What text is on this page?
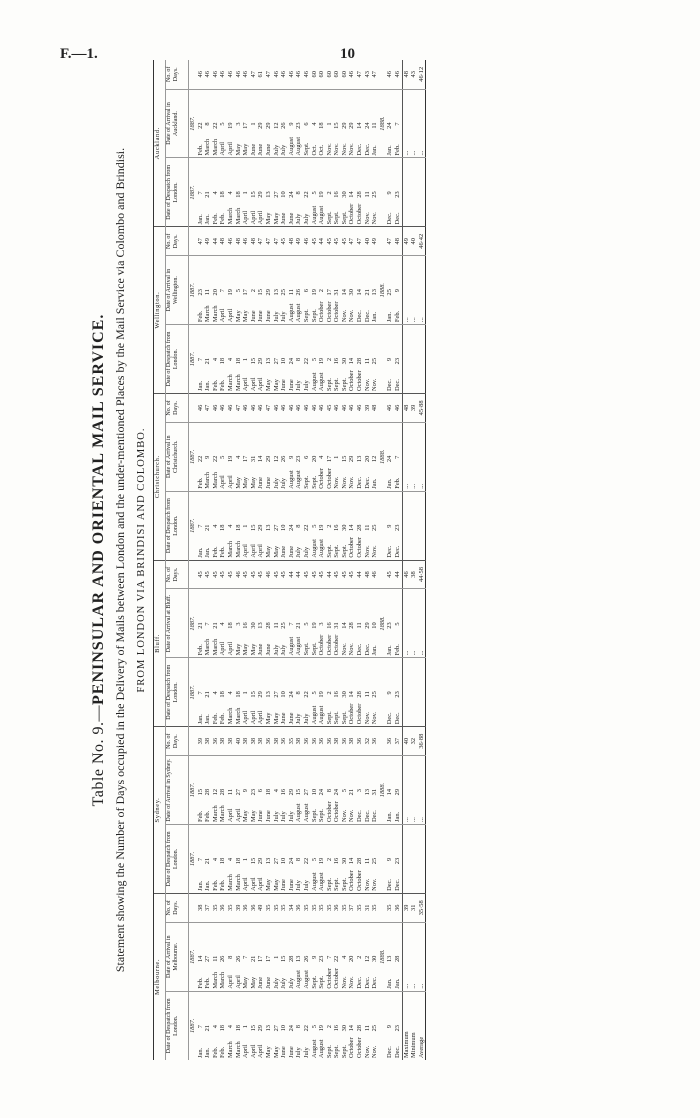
F.—1.	10
Table No. 9.—PENINSULAR AND ORIENTAL MAIL SERVICE. Statement showing the Number of Days occupied in the Delivery of Mails between London and the under-mentioned Places by the Mail Service via Colombo and Brindisi. FROM LONDON VIA BRINDISI AND COLOMBO.
Melbourne.			Sydney.			Bluff.			Christchurch.			Wellington.			Auckland.		
Date of Despatch from London.	Date of Arrival in Melbourne.	No. of Days.	Date of Despatch from London.	Date of Arrival in Sydney.	No. of Days.	Date of Despatch from London.	Date of Arrival at Bluff.	No. of Days.	Date of Despatch from London.	Date of Arrival in Christchurch.	No. of Days.	Date of Despatch from London.	Date of Arrival in Wellington.	No. of Days.	Date of Despatch from London.	Date of Arrival in Auckland.	No. of Days.
1887.	1887.		1887.	1887.		1887.	1887.		1887.	1887.		1887.	1887.		1887.	1887.	
Jan.7	Feb.14	38	Jan.7	Feb.15	39	Jan.7	Feb.21	45	Jan.7	Feb.22	46	Jan.7	Feb.23	47	Jan.7	Feb.22	46
Jan.21	Feb.27	37	Jan.21	Feb.28	38	Jan.21	March7	45	Jan.21	March9	47	Jan.21	March11	49	Jan.21	March8	46
Feb.4	March11	35	Feb.4	March12	36	Feb.4	March21	45	Feb.4	March22	46	Feb.4	March20	44	Feb.4	March22	46
Feb.18	March26	36	Feb.18	March28	38	Feb.18	April4	45	Feb.18	April5	46	Feb.18	April7	48	Feb.18	April5	46
March4	April8	35	March4	April11	38	March4	April18	45	March4	April19	46	March4	April19	46	March4	April19	46
March18	April26	39	March18	April27	40	March18	May3	46	March18	May4	47	March18	May5	48	March18	May3	46
April1	May7	36	April1	May9	38	April1	May16	45	April1	May17	46	April1	May17	46	April1	May17	46
April15	May21	36	April15	May23	38	April15	May30	45	April15	May31	46	April15	June2	48	April15	June1	47
April29	June17	49	April29	June6	38	April29	June13	45	April29	June14	46	April29	June15	47	April29	June29	61
May13	June17	35	May13	June18	36	May13	June28	46	May13	June29	47	May13	June29	47	May13	June29	47
May27	July1	35	May27	July4	38	May27	July11	45	May27	July12	46	May27	July13	47	May27	July12	46
June10	July15	35	June10	July16	36	June10	July25	45	June10	July26	46	June10	July25	45	June10	July26	46
June24	July28	34	June24	July29	35	June24	August7	44	June24	August9	46	June24	August11	48	June24	August9	46
July8	August13	36	July8	August15	38	July8	August21	44	July8	August23	46	July8	August26	49	July8	August23	46
July22	August26	35	July22	August27	36	July22	Sept.5	45	July22	Sept.6	46	July22	Sept.6	46	July22	Sept.6	46
August5	Sept.9	35	August5	Sept.10	36	August5	Sept.19	45	August5	Sept.20	46	August5	Sept.19	45	August5	Oct.4	60
August19	Sept.23	35	August19	Sept.24	36	August19	October3	45	August19	October4	46	August19	October2	44	August19	Oct.18	60
Sept.2	October7	35	Sept.2	October8	36	Sept.2	October16	44	Sept.2	October17	45	Sept.2	October17	45	Sept.2	Nov.1	60
Sept.16	October22	36	Sept.16	October24	38	Sept.16	October31	45	Sept.16	Nov.1	46	Sept.16	October31	45	Sept.16	Nov.15	60
Sept.30	Nov.4	35	Sept.30	Nov.5	36	Sept.30	Nov.14	45	Sept.30	Nov.15	46	Sept.30	Nov.14	45	Sept.30	Nov.29	60
October14	Nov.20	37	October14	Nov.21	38	October14	Nov.28	45	October14	Nov.29	46	October14	Nov.30	47	October14	Nov.29	46
October28	Dec.2	35	October28	Dec.3	36	October28	Dec.11	44	October28	Dec.13	46	October28	Dec.14	47	October28	Dec.14	47
Nov.11	Dec.12	31	Nov.11	Dec.13	32	Nov.11	Dec.29	48	Nov.11	Dec.20	39	Nov.11	Dec.21	40	Nov.11	Dec.24	43
Nov.25	Dec.30	35	Nov.25	Dec.31	36	Nov.25	Jan.10	46	Nov.25	Jan.12	48	Nov.25	Jan.13	49	Nov.25	Jan.11	47
	1888.			1888.			1888.			1888.			1888.			1888.	
Dec.9	Jan.13	35	Dec.9	Jan.14	36	Dec.9	Jan.23	45	Dec.9	Jan.24	46	Dec.9	Jan.25	47	Dec.9	Jan.24	46
Dec.23	Jan.28	36	Dec.23	Jan.29	37	Dec.23	Feb.5	44	Dec.23	Feb.7	46	Dec.23	Feb.9	48	Dec.23	Feb.7	46
Maximum	...	39		...	40		...	46		...	48		...	49		...	48
Minimum	...	31		...	32		...	38		...	39		...	40		...	43
Average	...	35·58		...	36·88		...	44·58		...	45·88		...	46·42		...	46·12
